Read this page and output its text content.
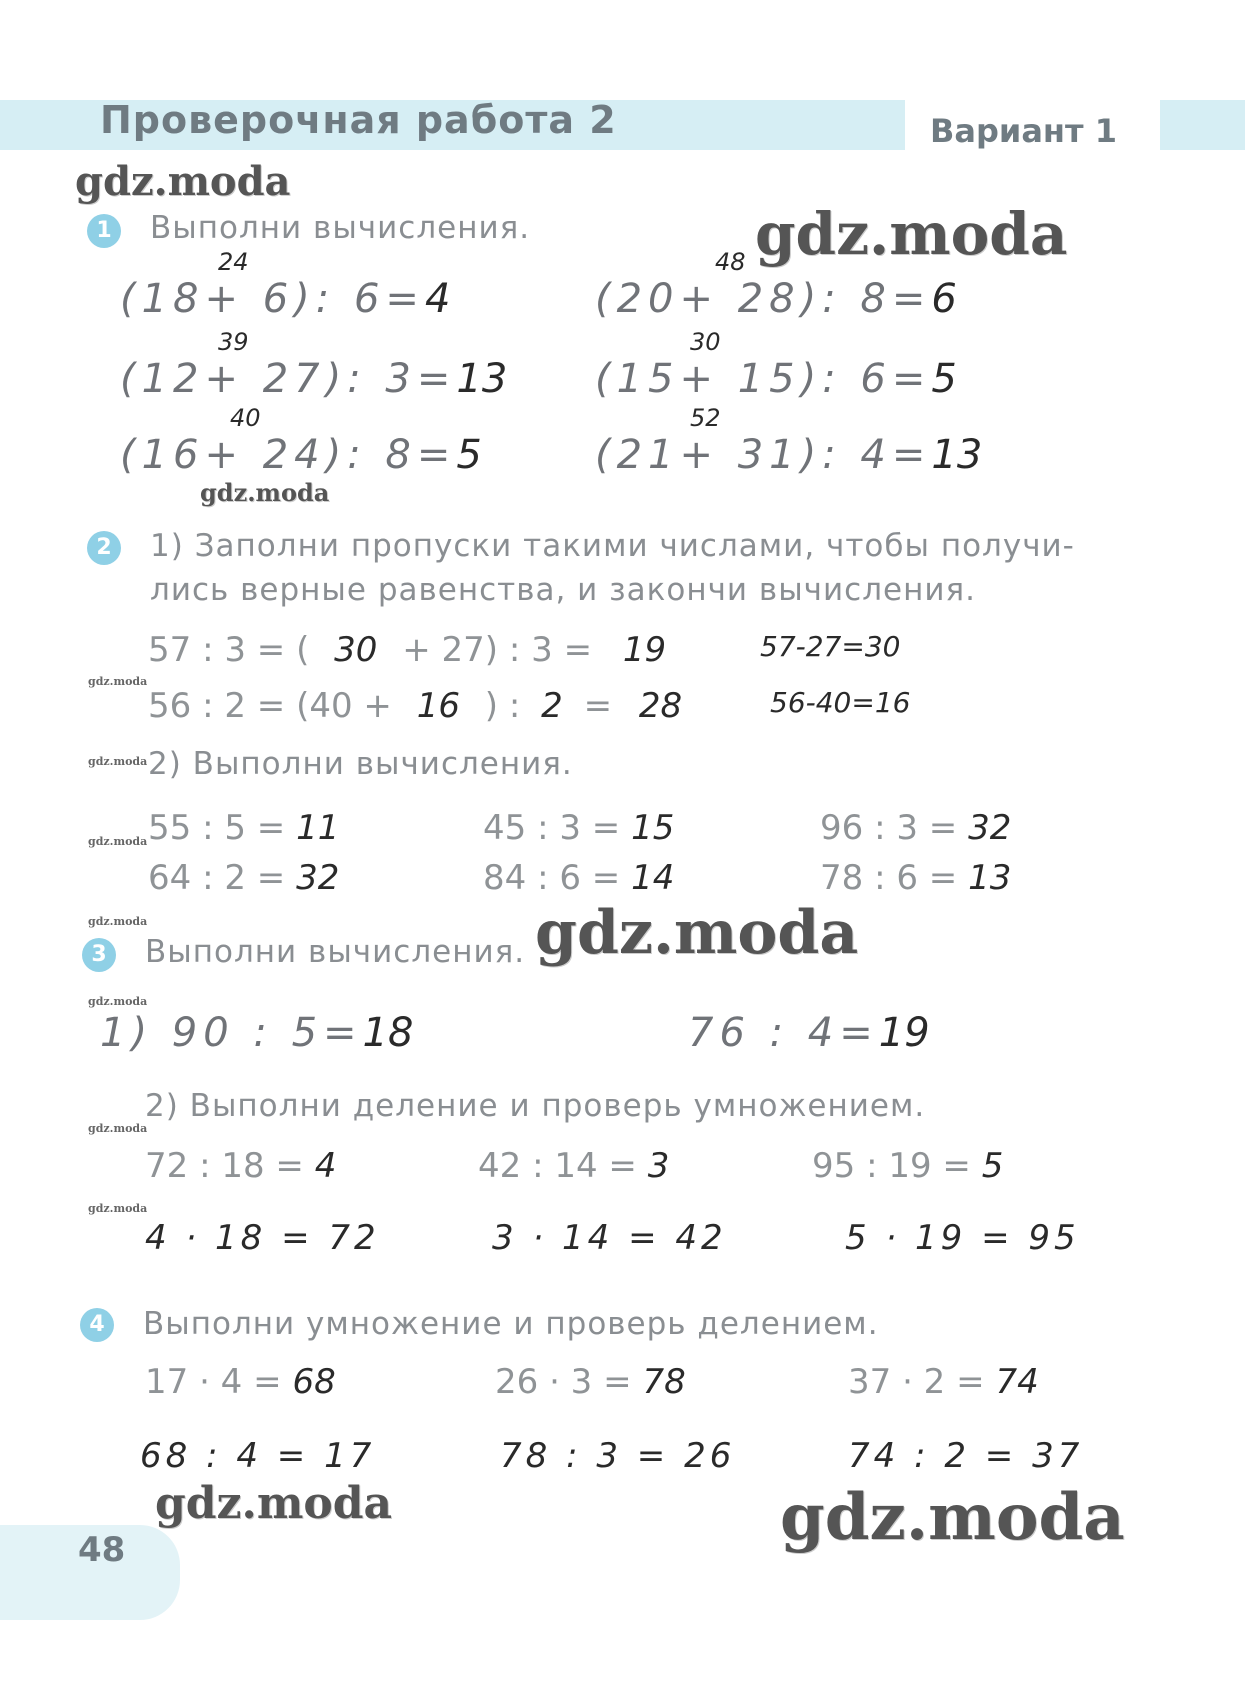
Проверочная работа 2	Вариант 1
gdz.moda
gdz.moda
gdz.moda
gdz.moda
gdz.moda	gdz.moda
gdz.moda
gdz.moda
gdz.moda
gdz.moda
gdz.moda
gdz.moda
gdz.moda
1	Выполни вычисления.
24
(18+ 6): 6=4
48
(20+ 28): 8=6
39
(12+ 27): 3=13
30
(15+ 15): 6=5
40
(16+ 24): 8=5
52
(21+ 31): 4=13
2	1) Заполни пропуски такими числами, чтобы получи-
лись верные равенства, и закончи вычисления.
57 : 3 = ( 30 + 27) : 3 = 19	57-27=30
56 : 2 = (40 + 16 ) : 2 = 28	56-40=16
2) Выполни вычисления.
55 : 5 = 11	45 : 3 = 15	96 : 3 = 32
64 : 2 = 32	84 : 6 = 14	78 : 6 = 13
3	Выполни вычисления.
1) 90 : 5=18	76 : 4=19
2) Выполни деление и проверь умножением.
72 : 18 = 4	42 : 14 = 3	95 : 19 = 5
4 · 18 = 72	3 · 14 = 42	5 · 19 = 95
4	Выполни умножение и проверь делением.
17 · 4 = 68	26 · 3 = 78	37 · 2 = 74
68 : 4 = 17	78 : 3 = 26	74 : 2 = 37
48
